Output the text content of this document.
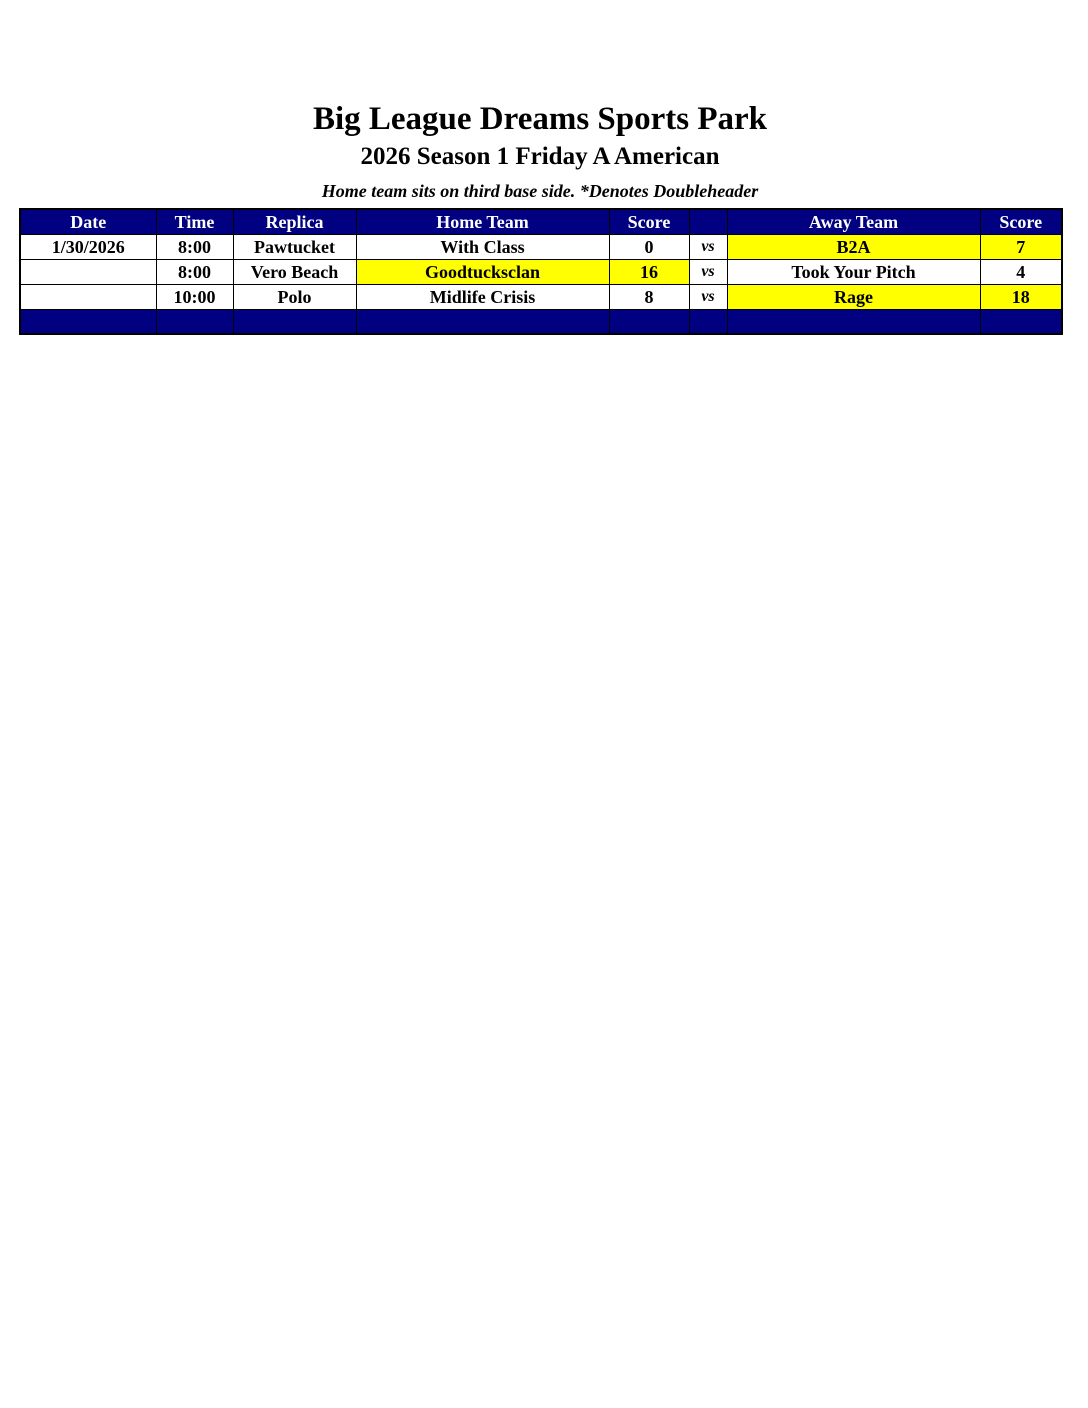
Big League Dreams Sports Park
2026 Season 1 Friday A American
Home team sits on third base side. *Denotes Doubleheader
Date	Time	Replica	Home Team	Score		Away Team	Score
1/30/2026	8:00	Pawtucket	With Class	0	vs	B2A	7
	8:00	Vero Beach	Goodtucksclan	16	vs	Took Your Pitch	4
	10:00	Polo	Midlife Crisis	8	vs	Rage	18
